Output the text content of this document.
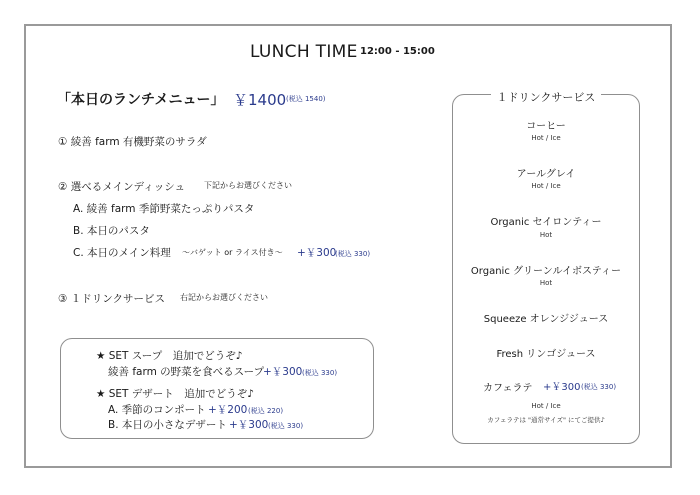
LUNCH TIME 12:00 - 15:00
「本日のランチメニュー」 ￥1400 (税込 1540)
① 綾善 farm 有機野菜のサラダ
② 選べるメインディッシュ 下記からお選びください
A. 綾善 farm 季節野菜たっぷりパスタ
B. 本日のパスタ
C. 本日のメイン料理 ～バゲット or ライス付き～ +￥300
(税込 330)
③ １ドリンクサービス 右記からお選びください
★ SET スープ　追加でどうぞ♪
綾善 farm の野菜を食べるスープ
+￥300 (税込 330)
★ SET デザート　追加でどうぞ♪
A. 季節のコンポート +￥200 (税込 220)
B. 本日の小さなデザート +￥300 (税込 330)
１ドリンクサービス
コーヒー
Hot / Ice
アールグレイ
Hot / Ice
Organic セイロンティー
Hot
Organic グリーンルイボスティー
Hot
Squeeze オレンジジュース
Fresh リンゴジュース
カフェラテ +￥300 (税込 330)
Hot / Ice
カフェラテは "通常サイズ" にてご提供♪
